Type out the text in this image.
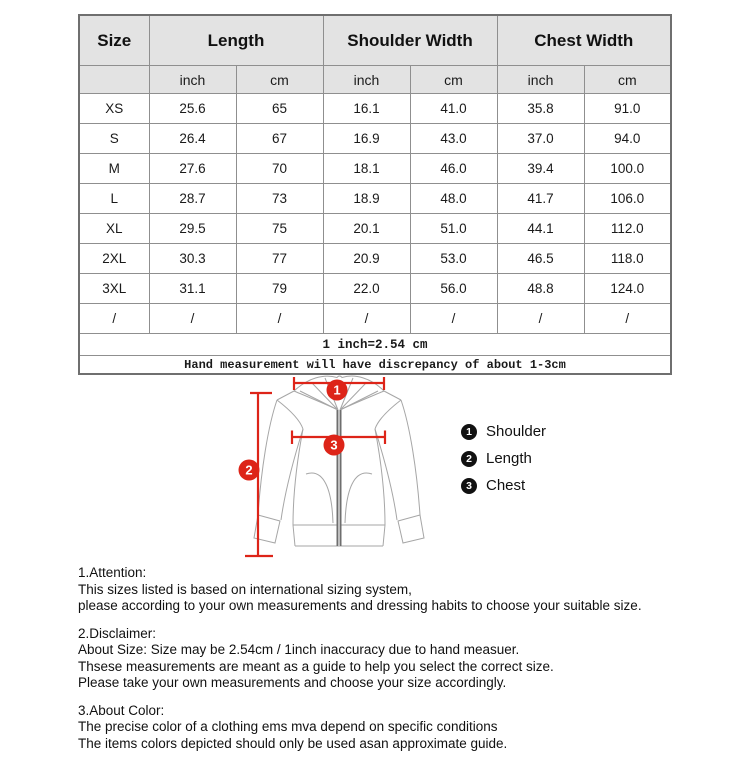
Size	Length		Shoulder Width		Chest Width	
	inch	cm	inch	cm	inch	cm
XS	25.6	65	16.1	41.0	35.8	91.0
S	26.4	67	16.9	43.0	37.0	94.0
M	27.6	70	18.1	46.0	39.4	100.0
L	28.7	73	18.9	48.0	41.7	106.0
XL	29.5	75	20.1	51.0	44.1	112.0
2XL	30.3	77	20.9	53.0	46.5	118.0
3XL	31.1	79	22.0	56.0	48.8	124.0
/	/	/	/	/	/	/
1 inch=2.54 cm						
Hand measurement will have discrepancy of about 1-3cm						
1
2
3
1 Shoulder
2 Length
3 Chest
1.Attention:
This sizes listed is based on international sizing system,
please according to your own measurements and dressing habits to choose your suitable size.
2.Disclaimer:
About Size: Size may be 2.54cm / 1inch inaccuracy due to hand measuer.
Thsese measurements are meant as a guide to help you select the correct size.
Please take your own measurements and choose your size accordingly.
3.About Color:
The precise color of a clothing ems mva depend on specific conditions
The items colors depicted should only be used asan approximate guide.
